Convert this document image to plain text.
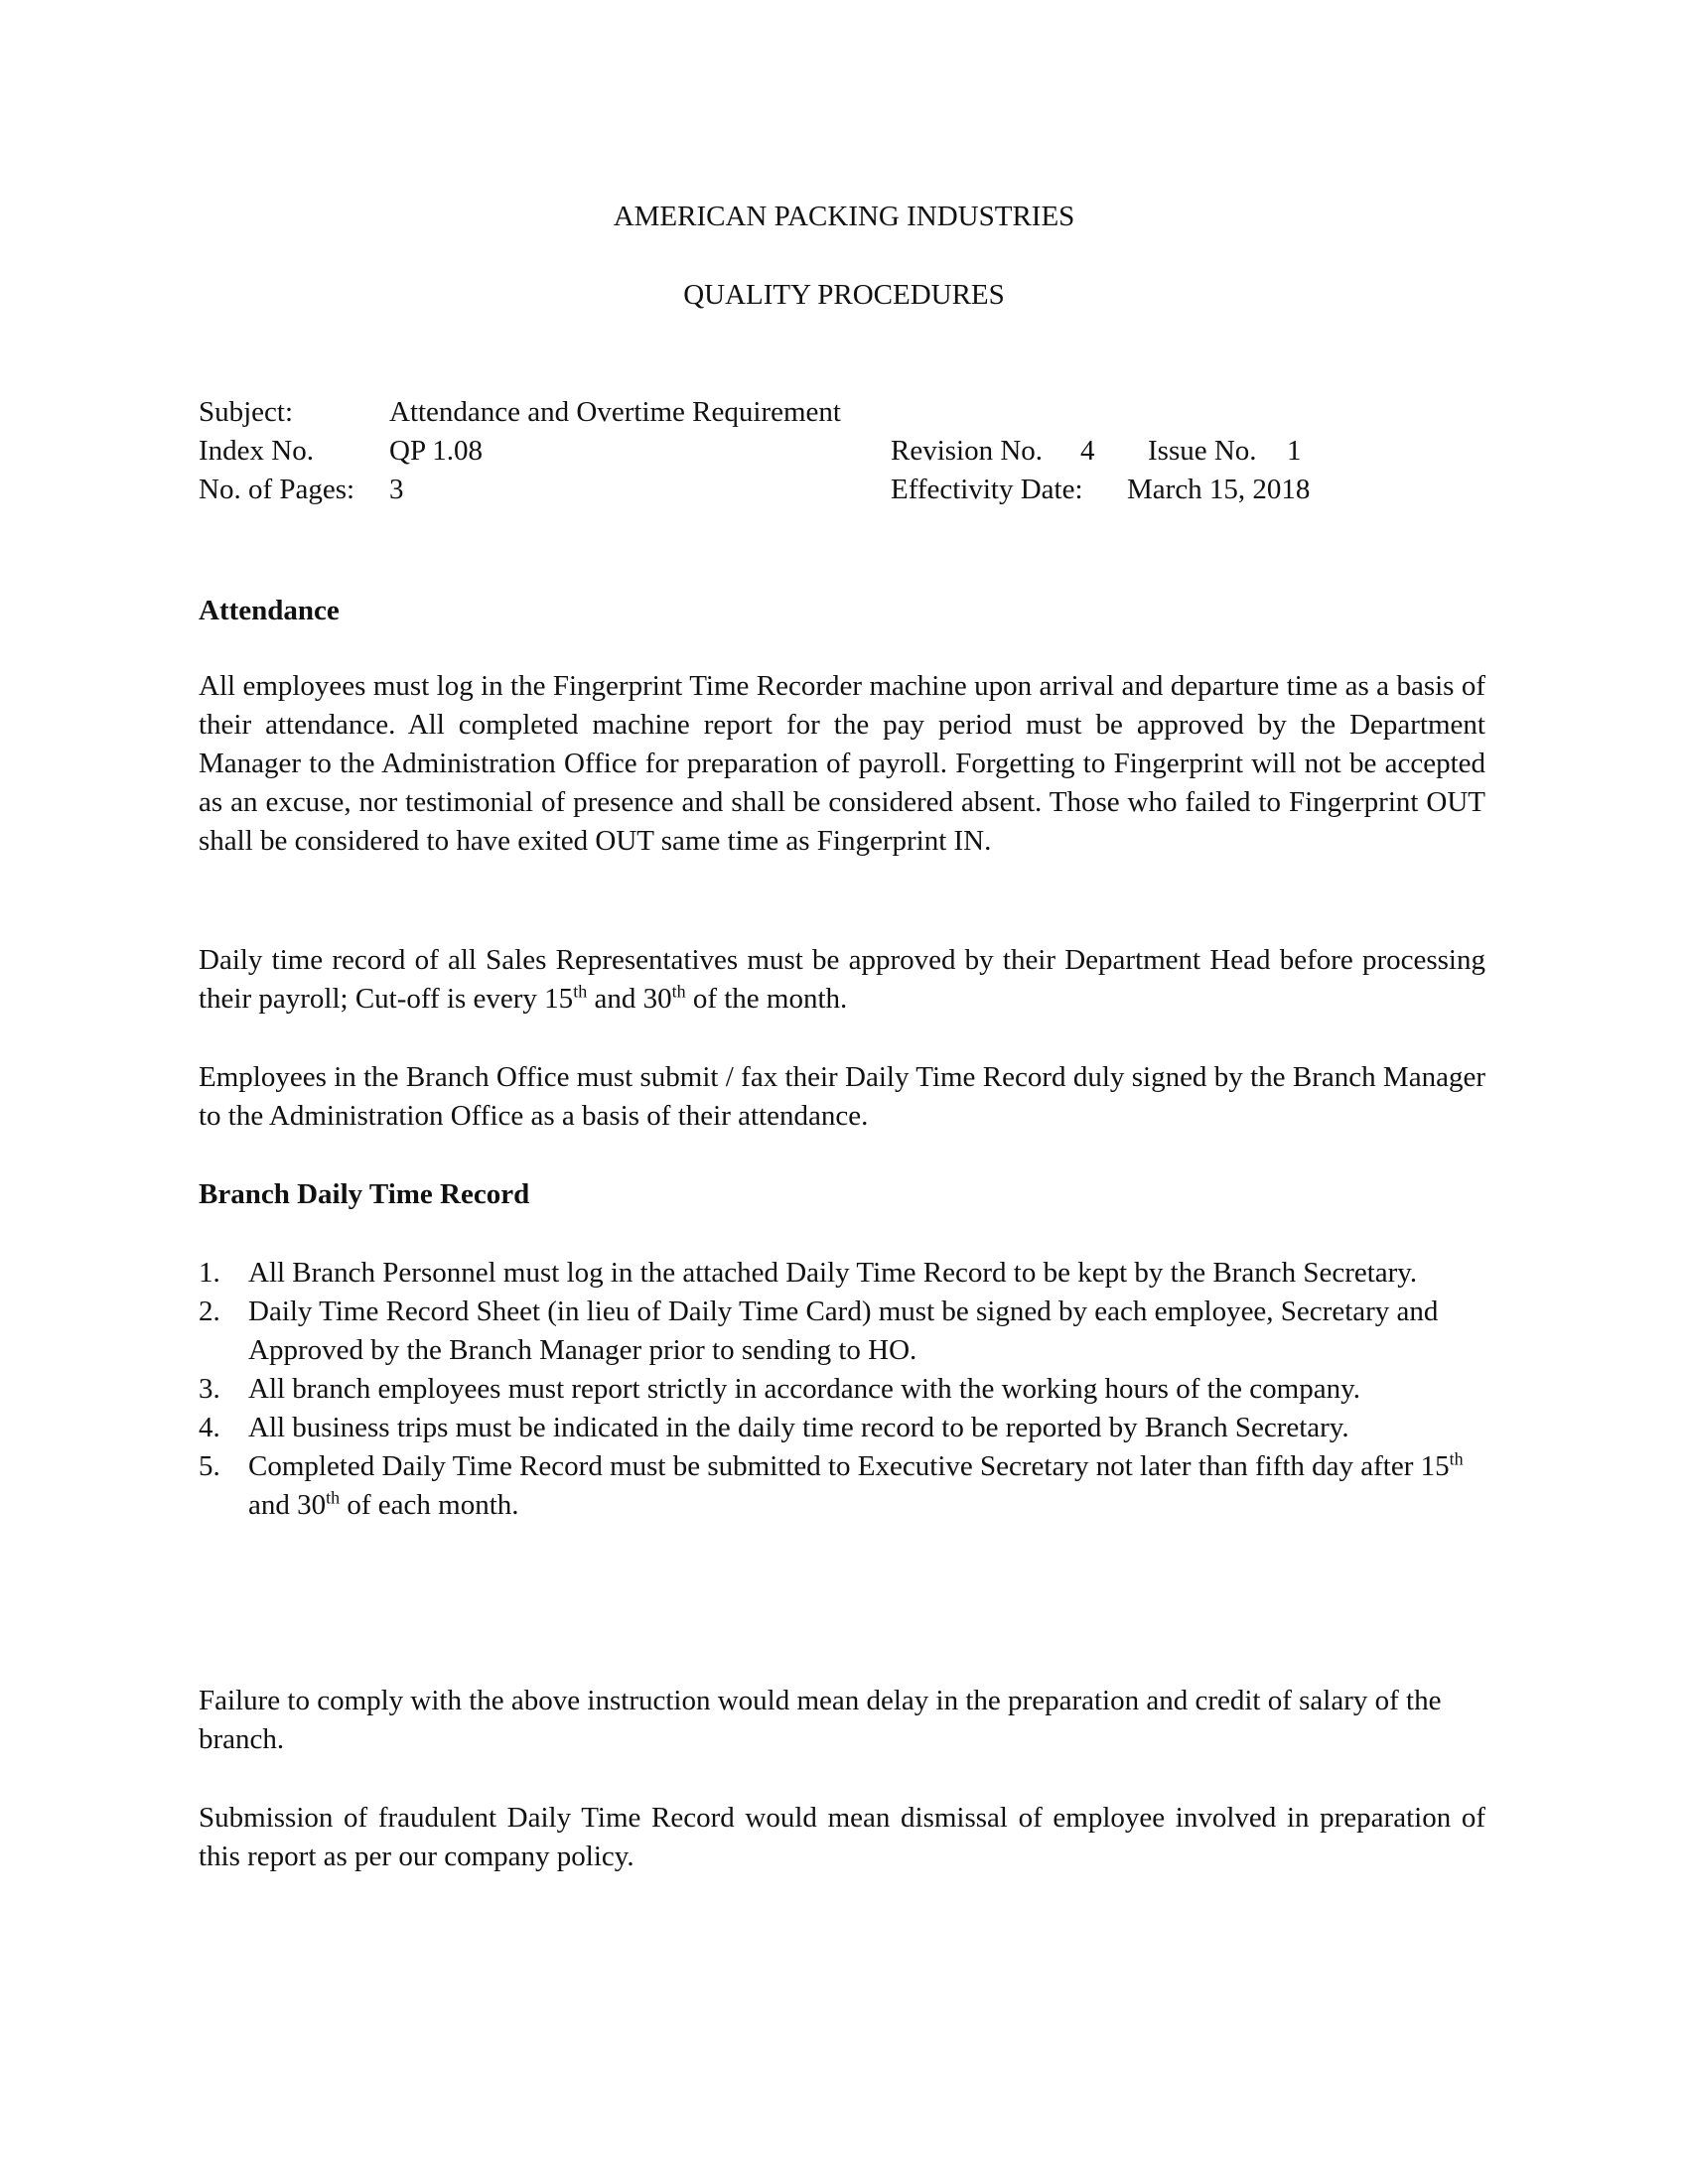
AMERICAN PACKING INDUSTRIES
QUALITY PROCEDURES
Subject:	Attendance and Overtime Requirement
Index No.	QP 1.08	Revision No. 4 Issue No. 1
No. of Pages: 3	Effectivity Date: March 15, 2018
Attendance

All employees must log in the Fingerprint Time Recorder machine upon arrival and departure time as a basis of their attendance. All completed machine report for the pay period must be approved by the Department Manager to the Administration Office for preparation of payroll. Forgetting to Fingerprint will not be accepted as an excuse, nor testimonial of presence and shall be considered absent. Those who failed to Fingerprint OUT shall be considered to have exited OUT same time as Fingerprint IN.

Daily time record of all Sales Representatives must be approved by their Department Head before processing their payroll; Cut-off is every 15th and 30th of the month.

Employees in the Branch Office must submit / fax their Daily Time Record duly signed by the Branch Manager to the Administration Office as a basis of their attendance.

Branch Daily Time Record
1. All Branch Personnel must log in the attached Daily Time Record to be kept by the Branch Secretary.
2. Daily Time Record Sheet (in lieu of Daily Time Card) must be signed by each employee, Secretary and Approved by the Branch Manager prior to sending to HO.
3. All branch employees must report strictly in accordance with the working hours of the company.
4. All business trips must be indicated in the daily time record to be reported by Branch Secretary.
5. Completed Daily Time Record must be submitted to Executive Secretary not later than fifth day after 15th and 30th of each month.

Failure to comply with the above instruction would mean delay in the preparation and credit of salary of the branch.

Submission of fraudulent Daily Time Record would mean dismissal of employee involved in preparation of this report as per our company policy.
